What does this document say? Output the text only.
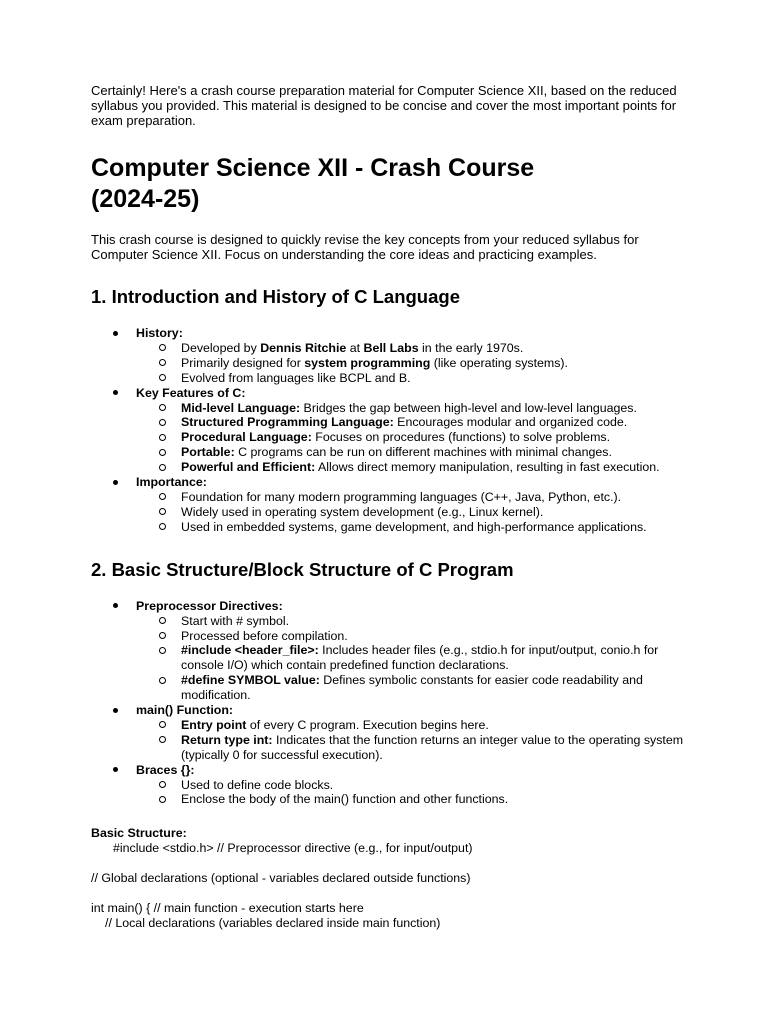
Certainly! Here's a crash course preparation material for Computer Science XII, based on the reduced syllabus you provided. This material is designed to be concise and cover the most important points for exam preparation.

Computer Science XII - Crash Course
(2024-25)

This crash course is designed to quickly revise the key concepts from your reduced syllabus for Computer Science XII. Focus on understanding the core ideas and practicing examples.

1. Introduction and History of C Language
History:
Developed by Dennis Ritchie at Bell Labs in the early 1970s.
Primarily designed for system programming (like operating systems).
Evolved from languages like BCPL and B.
Key Features of C:
Mid-level Language: Bridges the gap between high-level and low-level languages.
Structured Programming Language: Encourages modular and organized code.
Procedural Language: Focuses on procedures (functions) to solve problems.
Portable: C programs can be run on different machines with minimal changes.
Powerful and Efficient: Allows direct memory manipulation, resulting in fast execution.
Importance:
Foundation for many modern programming languages (C++, Java, Python, etc.).
Widely used in operating system development (e.g., Linux kernel).
Used in embedded systems, game development, and high-performance applications.
2. Basic Structure/Block Structure of C Program
Preprocessor Directives:
Start with # symbol.
Processed before compilation.
#include <header_file>: Includes header files (e.g., stdio.h for input/output, conio.h for console I/O) which contain predefined function declarations.
#define SYMBOL value: Defines symbolic constants for easier code readability and modification.
main() Function:
Entry point of every C program. Execution begins here.
Return type int: Indicates that the function returns an integer value to the operating system (typically 0 for successful execution).
Braces {}:
Used to define code blocks.
Enclose the body of the main() function and other functions.

Basic Structure:

#include <stdio.h> // Preprocessor directive (e.g., for input/output)
// Global declarations (optional - variables declared outside functions)
int main() { // main function - execution starts here
// Local declarations (variables declared inside main function)
